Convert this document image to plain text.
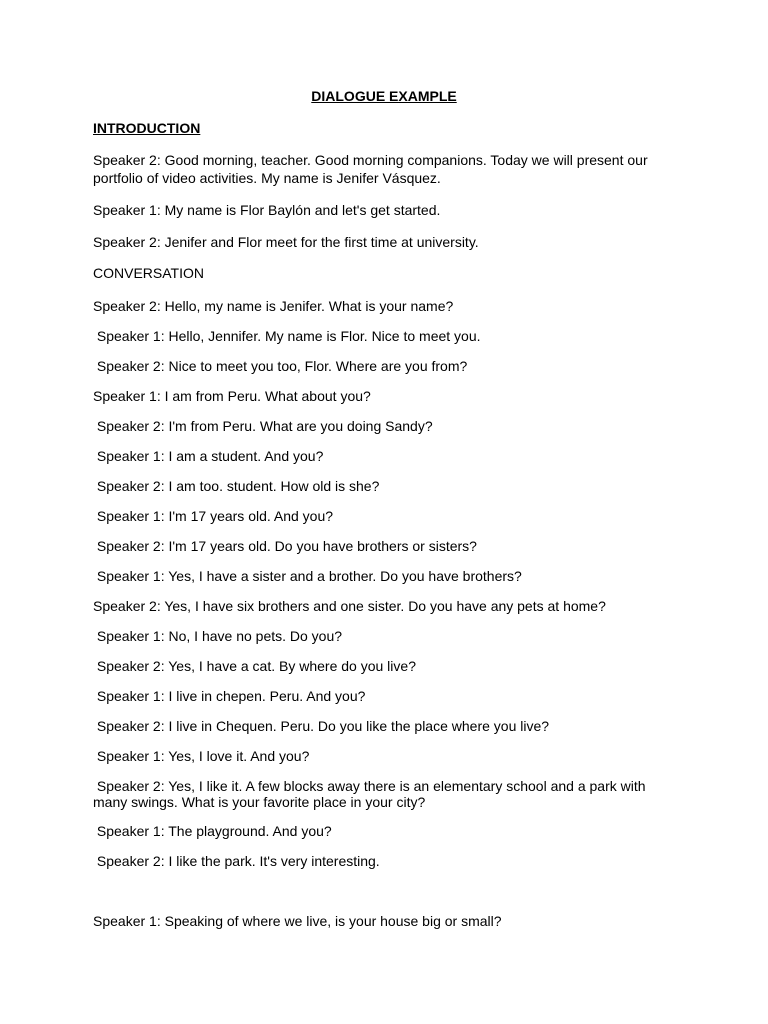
DIALOGUE EXAMPLE
INTRODUCTION
Speaker 2: Good morning, teacher. Good morning companions. Today we will present our portfolio of video activities. My name is Jenifer Vásquez.
Speaker 1: My name is Flor Baylón and let's get started.
Speaker 2: Jenifer and Flor meet for the first time at university.
CONVERSATION
Speaker 2: Hello, my name is Jenifer. What is your name?
Speaker 1: Hello, Jennifer. My name is Flor. Nice to meet you.
Speaker 2: Nice to meet you too, Flor. Where are you from?
Speaker 1: I am from Peru. What about you?
Speaker 2: I'm from Peru. What are you doing Sandy?
Speaker 1: I am a student. And you?
Speaker 2: I am too. student. How old is she?
Speaker 1: I'm 17 years old. And you?
Speaker 2: I'm 17 years old. Do you have brothers or sisters?
Speaker 1: Yes, I have a sister and a brother. Do you have brothers?
Speaker 2: Yes, I have six brothers and one sister. Do you have any pets at home?
Speaker 1: No, I have no pets. Do you?
Speaker 2: Yes, I have a cat. By where do you live?
Speaker 1: I live in chepen. Peru. And you?
Speaker 2: I live in Chequen. Peru. Do you like the place where you live?
Speaker 1: Yes, I love it. And you?
Speaker 2: Yes, I like it. A few blocks away there is an elementary school and a park with many swings. What is your favorite place in your city?
Speaker 1: The playground. And you?
Speaker 2: I like the park. It's very interesting.
Speaker 1: Speaking of where we live, is your house big or small?
